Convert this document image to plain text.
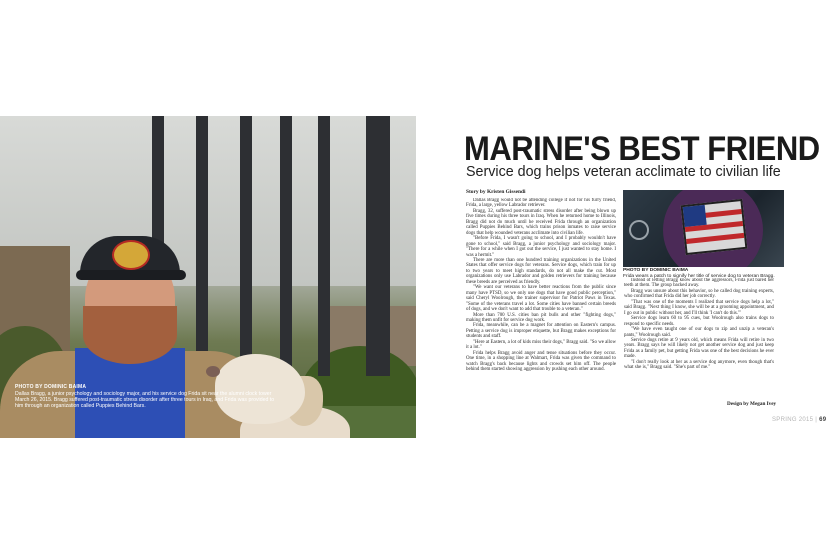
PHOTO BY DOMINIC BAIMA
Dallas Bragg, a junior psychology and sociology major, and his service dog Frida sit near the alumni clock tower March 26, 2015. Bragg suffered post-traumatic stress disorder after three tours in Iraq, and Frida was provided to him through an organization called Puppies Behind Bars.
MARINE'S BEST FRIEND
Service dog helps veteran acclimate to civilian life
Story by Kristen Gissendi

Dallas Bragg would not be attending college if not for his furry friend, Frida, a large, yellow Labrador retriever.

Bragg, 32, suffered post-traumatic stress disorder after being blown up five times during his three tours in Iraq. When he returned home to Illinois, Bragg did not do much until he received Frida through an organization called Puppies Behind Bars, which trains prison inmates to raise service dogs that help wounded veterans acclimate into civilian life.

"Before Frida, I wasn't going to school, and I probably wouldn't have gone to school," said Bragg, a junior psychology and sociology major. "There for a while when I got out the service, I just wanted to stay home. I was a hermit."

There are more than one hundred training organizations in the United States that offer service dogs for veterans. Service dogs, which train for up to two years to meet high standards, do not all make the cut. Most organizations only use Labrador and golden retrievers for training because these breeds are perceived as friendly.

"We want our veterans to have better reactions from the public since many have PTSD, so we only use dogs that have good public perception," said Cheryl Woolrough, the trainer supervisor for Patriot Paws in Texas. "Some of the veterans travel a lot. Some cities have banned certain breeds of dogs, and we don't want to add that trouble to a veteran."

More than 700 U.S. cities ban pit bulls and other "fighting dogs," making them unfit for service dog work.

Frida, meanwhile, can be a magnet for attention on Eastern's campus. Petting a service dog is improper etiquette, but Bragg makes exceptions for students and staff.

"Here at Eastern, a lot of kids miss their dogs," Bragg said. "So we allow it a lot."

Frida helps Bragg avoid anger and tense situations before they occur. One time, in a shopping line at Walmart, Frida was given the command to watch Bragg's back because lights and crowds set him off. The people behind them started showing aggression by pushing each other around.

PHOTO BY DOMINIC BAIMA
Frida wears a patch to signify her title of service dog to veteran Bragg.

Instead of letting Bragg know about the aggressors, Frida just bared her teeth at them. The group backed away.

Bragg was unsure about this behavior, so he called dog training experts, who confirmed that Frida did her job correctly.

"That was one of the moments I realized that service dogs help a lot," said Bragg. "Next thing I know, she will be at a grooming appointment, and I go out in public without her, and I'll think 'I can't do this.'"

Service dogs learn 60 to 95 cues, but Woolrough also trains dogs to respond to specific needs.

"We have even taught one of our dogs to zip and unzip a veteran's pants," Woolrough said.

Service dogs retire at 9 years old, which means Frida will retire in two years. Bragg says he will likely not get another service dog and just keep Frida as a family pet, but getting Frida was one of the best decisions he ever made.

"I don't really look at her as a service dog anymore, even though that's what she is," Bragg said. "She's part of me."

Design by Megan Ivey
SPRING 2015 | 69
